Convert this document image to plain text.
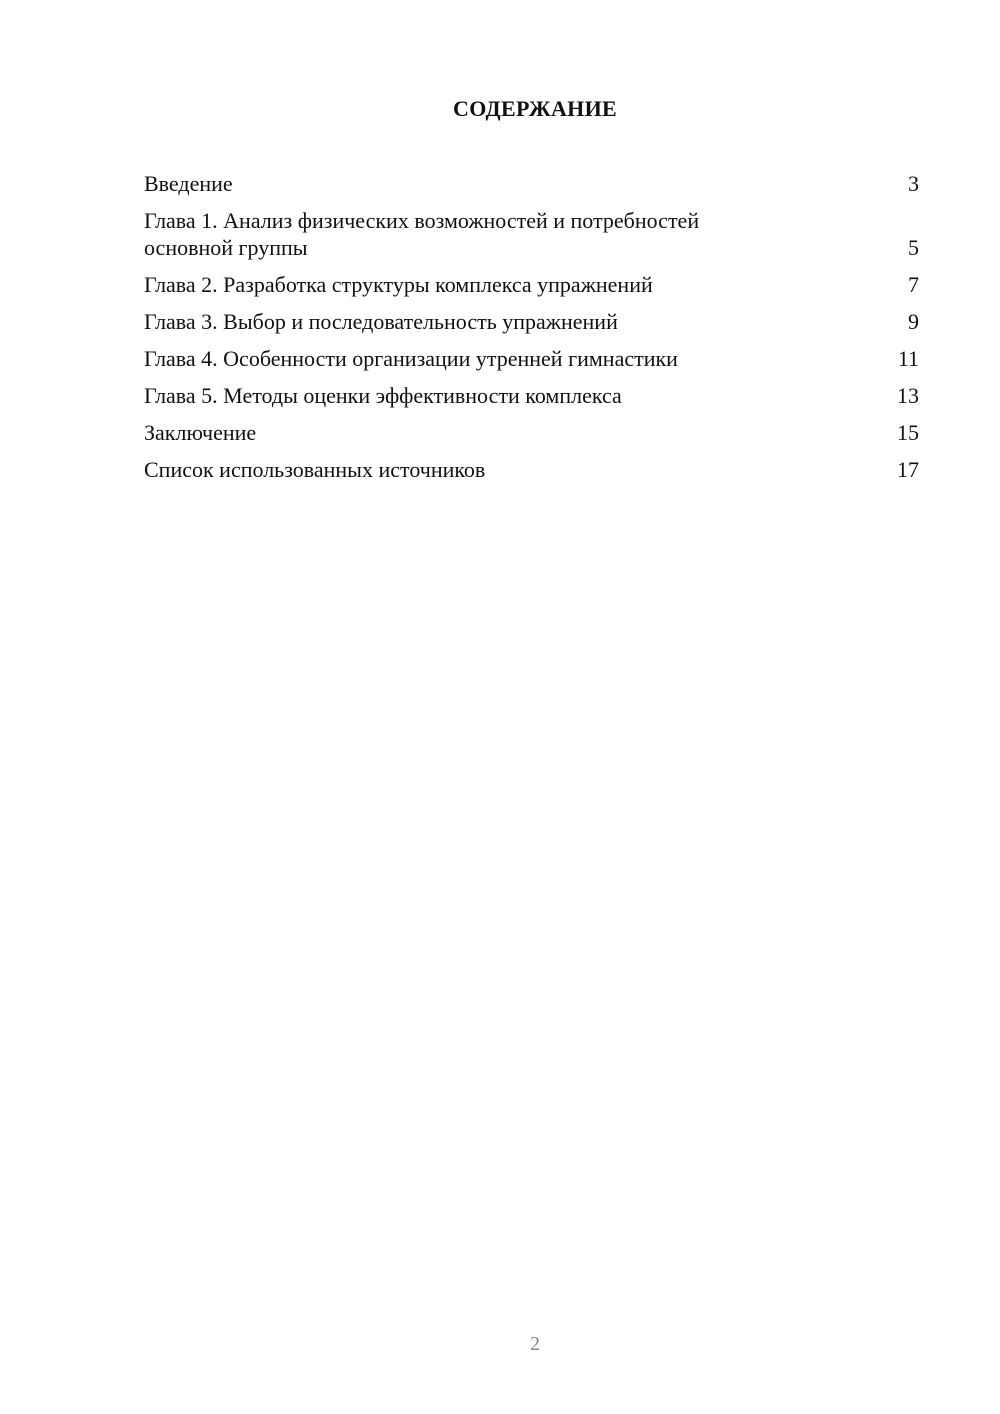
СОДЕРЖАНИЕ
Введение	3
Глава 1. Анализ физических возможностей и потребностей основной группы	5
Глава 2. Разработка структуры комплекса упражнений	7
Глава 3. Выбор и последовательность упражнений	9
Глава 4. Особенности организации утренней гимнастики	11
Глава 5. Методы оценки эффективности комплекса	13
Заключение	15
Список использованных источников	17
2
